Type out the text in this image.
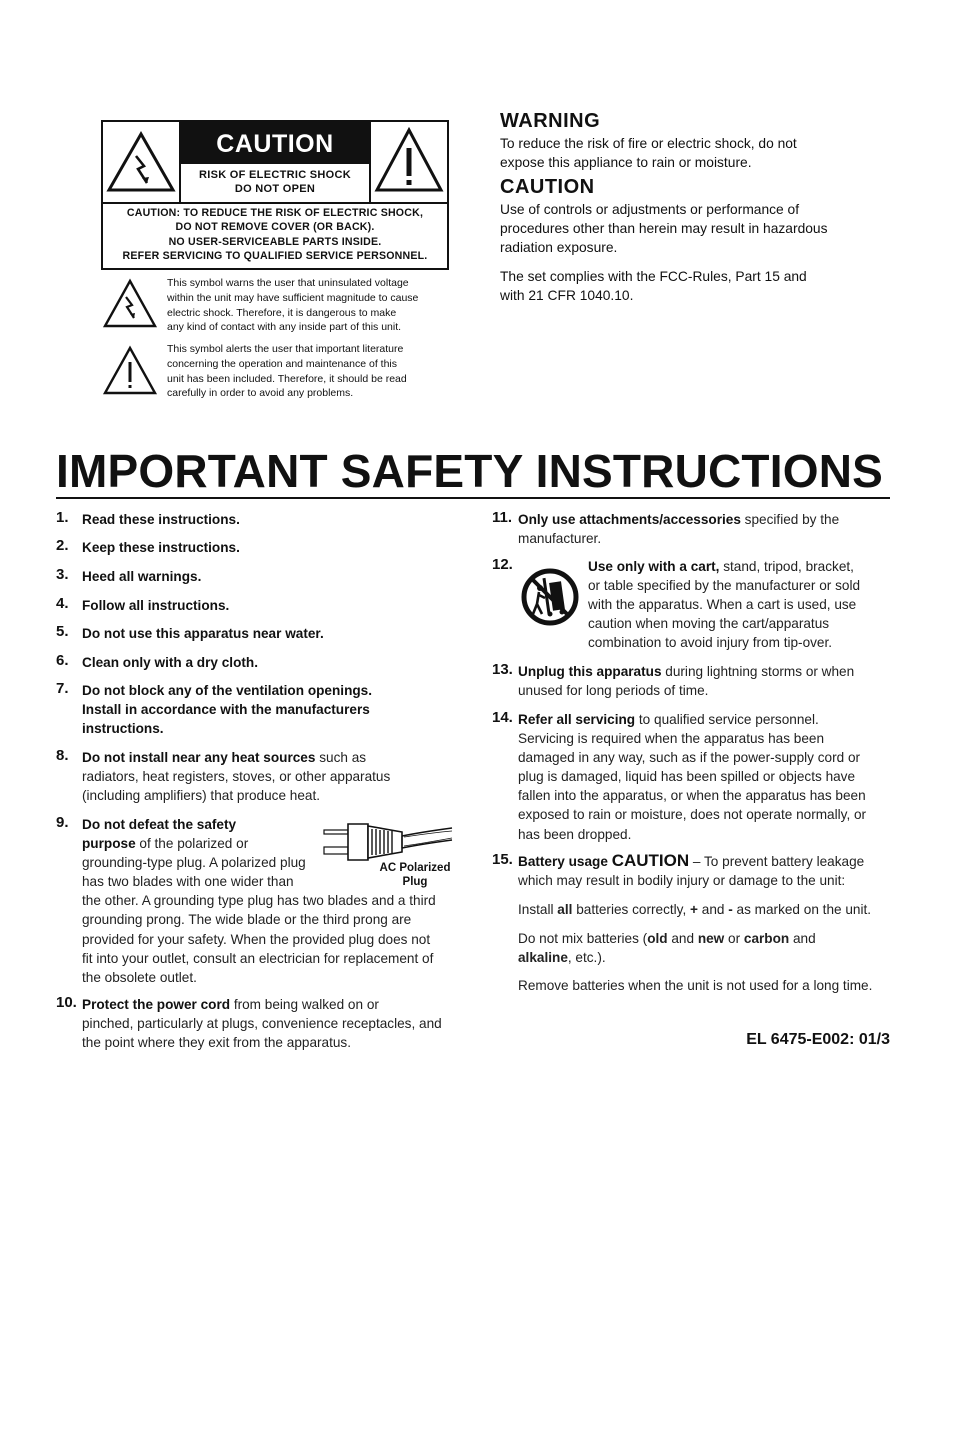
CAUTION
RISK OF ELECTRIC SHOCK
DO NOT OPEN
CAUTION: TO REDUCE THE RISK OF ELECTRIC SHOCK,
DO NOT REMOVE COVER (OR BACK).
NO USER-SERVICEABLE PARTS INSIDE.
REFER SERVICING TO QUALIFIED SERVICE PERSONNEL.
This symbol warns the user that uninsulated voltage
within the unit may have sufficient magnitude to cause
electric shock. Therefore, it is dangerous to make
any kind of contact with any inside part of this unit.
This symbol alerts the user that important literature
concerning the operation and maintenance of this
unit has been included. Therefore, it should be read
carefully in order to avoid any problems.
WARNING
To reduce the risk of fire or electric shock, do not
expose this appliance to rain or moisture.
CAUTION
Use of controls or adjustments or performance of
procedures other than herein may result in hazardous
radiation exposure.
The set complies with the FCC-Rules, Part 15 and
with 21 CFR 1040.10.
IMPORTANT SAFETY INSTRUCTIONS
1. Read these instructions.
2. Keep these instructions.
3. Heed all warnings.
4. Follow all instructions.
5. Do not use this apparatus near water.
6. Clean only with a dry cloth.
7. Do not block any of the ventilation openings.
Install in accordance with the manufacturers
instructions.
8. Do not install near any heat sources such as
radiators, heat registers, stoves, or other apparatus
(including amplifiers) that produce heat.
9. Do not defeat the safety
purpose of the polarized or
grounding-type plug. A polarized plug
has two blades with one wider than
the other. A grounding type plug has two blades and a third
grounding prong. The wide blade or the third prong are
provided for your safety. When the provided plug does not
fit into your outlet, consult an electrician for replacement of
the obsolete outlet.
AC Polarized
Plug
10. Protect the power cord from being walked on or
pinched, particularly at plugs, convenience receptacles, and
the point where they exit from the apparatus.
11. Only use attachments/accessories specified by the
manufacturer.
12.	Use only with a cart, stand, tripod, bracket,
or table specified by the manufacturer or sold
with the apparatus. When a cart is used, use
caution when moving the cart/apparatus
combination to avoid injury from tip-over.
13. Unplug this apparatus during lightning storms or when
unused for long periods of time.
14. Refer all servicing to qualified service personnel.
Servicing is required when the apparatus has been
damaged in any way, such as if the power-supply cord or
plug is damaged, liquid has been spilled or objects have
fallen into the apparatus, or when the apparatus has been
exposed to rain or moisture, does not operate normally, or
has been dropped.
15. Battery usage CAUTION – To prevent battery leakage
which may result in bodily injury or damage to the unit:
Install all batteries correctly, + and - as marked on the unit.
Do not mix batteries (old and new or carbon and
alkaline, etc.).
Remove batteries when the unit is not used for a long time.
EL 6475-E002: 01/3
